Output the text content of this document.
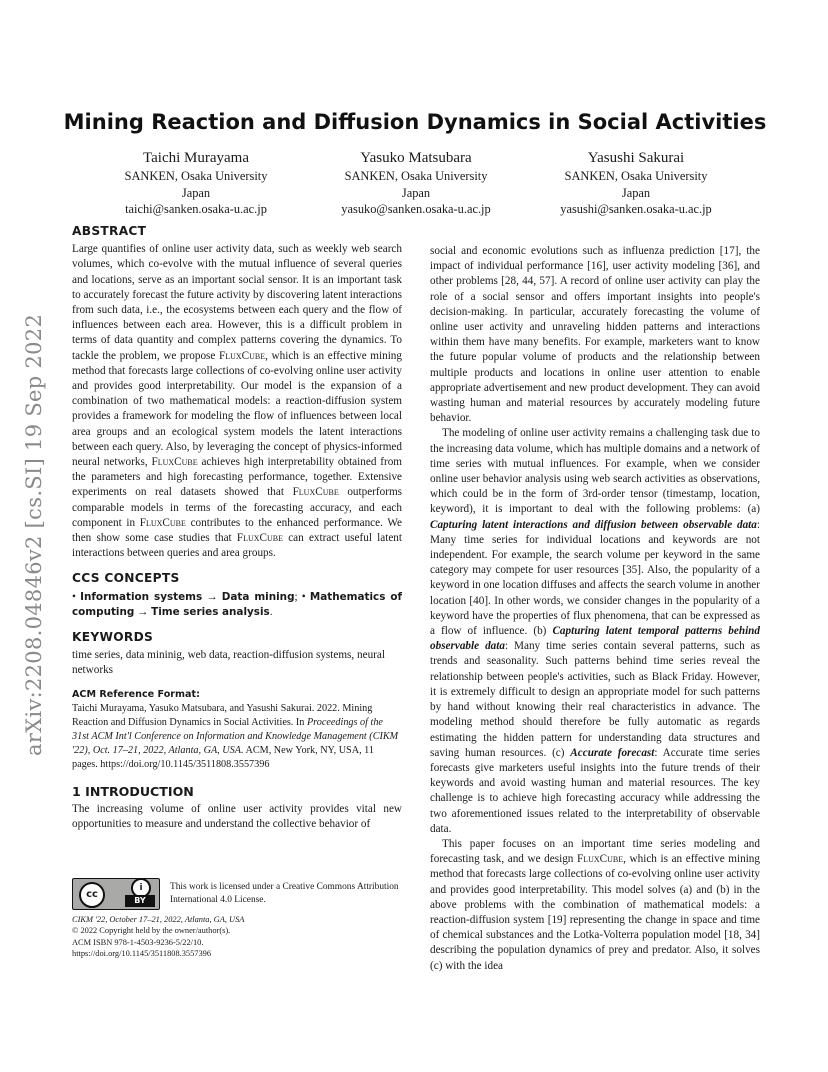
arXiv:2208.04846v2 [cs.SI] 19 Sep 2022
Mining Reaction and Diffusion Dynamics in Social Activities
Taichi Murayama
SANKEN, Osaka University
Japan
taichi@sanken.osaka-u.ac.jp
Yasuko Matsubara
SANKEN, Osaka University
Japan
yasuko@sanken.osaka-u.ac.jp
Yasushi Sakurai
SANKEN, Osaka University
Japan
yasushi@sanken.osaka-u.ac.jp
ABSTRACT

Large quantifies of online user activity data, such as weekly web search volumes, which co-evolve with the mutual influence of several queries and locations, serve as an important social sensor. It is an important task to accurately forecast the future activity by discovering latent interactions from such data, i.e., the ecosystems between each query and the flow of influences between each area. However, this is a difficult problem in terms of data quantity and complex patterns covering the dynamics. To tackle the problem, we propose FluxCube, which is an effective mining method that forecasts large collections of co-evolving online user activity and provides good interpretability. Our model is the expansion of a combination of two mathematical models: a reaction-diffusion system provides a framework for modeling the flow of influences between local area groups and an ecological system models the latent interactions between each query. Also, by leveraging the concept of physics-informed neural networks, FluxCube achieves high interpretability obtained from the parameters and high forecasting performance, together. Extensive experiments on real datasets showed that FluxCube outperforms comparable models in terms of the forecasting accuracy, and each component in FluxCube contributes to the enhanced performance. We then show some case studies that FluxCube can extract useful latent interactions between queries and area groups.

CCS CONCEPTS

• Information systems → Data mining; • Mathematics of computing → Time series analysis.

KEYWORDS

time series, data mininig, web data, reaction-diffusion systems, neural networks

ACM Reference Format:

Taichi Murayama, Yasuko Matsubara, and Yasushi Sakurai. 2022. Mining Reaction and Diffusion Dynamics in Social Activities. In Proceedings of the 31st ACM Int'l Conference on Information and Knowledge Management (CIKM '22), Oct. 17–21, 2022, Atlanta, GA, USA. ACM, New York, NY, USA, 11 pages. https://doi.org/10.1145/3511808.3557396

1 INTRODUCTION

The increasing volume of online user activity provides vital new opportunities to measure and understand the collective behavior of

cc
i
BY
This work is licensed under a Creative Commons Attribution International 4.0 License.
CIKM '22, October 17–21, 2022, Atlanta, GA, USA
© 2022 Copyright held by the owner/author(s).
ACM ISBN 978-1-4503-9236-5/22/10.
https://doi.org/10.1145/3511808.3557396

social and economic evolutions such as influenza prediction [17], the impact of individual performance [16], user activity modeling [36], and other problems [28, 44, 57]. A record of online user activity can play the role of a social sensor and offers important insights into people's decision-making. In particular, accurately forecasting the volume of online user activity and unraveling hidden patterns and interactions within them have many benefits. For example, marketers want to know the future popular volume of products and the relationship between multiple products and locations in online user attention to enable appropriate advertisement and new product development. They can avoid wasting human and material resources by accurately modeling future behavior.

The modeling of online user activity remains a challenging task due to the increasing data volume, which has multiple domains and a network of time series with mutual influences. For example, when we consider online user behavior analysis using web search activities as observations, which could be in the form of 3rd-order tensor (timestamp, location, keyword), it is important to deal with the following problems: (a) Capturing latent interactions and diffusion between observable data: Many time series for individual locations and keywords are not independent. For example, the search volume per keyword in the same category may compete for user resources [35]. Also, the popularity of a keyword in one location diffuses and affects the search volume in another location [40]. In other words, we consider changes in the popularity of a keyword have the properties of flux phenomena, that can be expressed as a flow of influence. (b) Capturing latent temporal patterns behind observable data: Many time series contain several patterns, such as trends and seasonality. Such patterns behind time series reveal the relationship between people's activities, such as Black Friday. However, it is extremely difficult to design an appropriate model for such patterns by hand without knowing their real characteristics in advance. The modeling method should therefore be fully automatic as regards estimating the hidden pattern for understanding data structures and saving human resources. (c) Accurate forecast: Accurate time series forecasts give marketers useful insights into the future trends of their keywords and avoid wasting human and material resources. The key challenge is to achieve high forecasting accuracy while addressing the two aforementioned issues related to the interpretability of observable data.

This paper focuses on an important time series modeling and forecasting task, and we design FluxCube, which is an effective mining method that forecasts large collections of co-evolving online user activity and provides good interpretability. This model solves (a) and (b) in the above problems with the combination of mathematical models: a reaction-diffusion system [19] representing the change in space and time of chemical substances and the Lotka-Volterra population model [18, 34] describing the population dynamics of prey and predator. Also, it solves (c) with the idea
